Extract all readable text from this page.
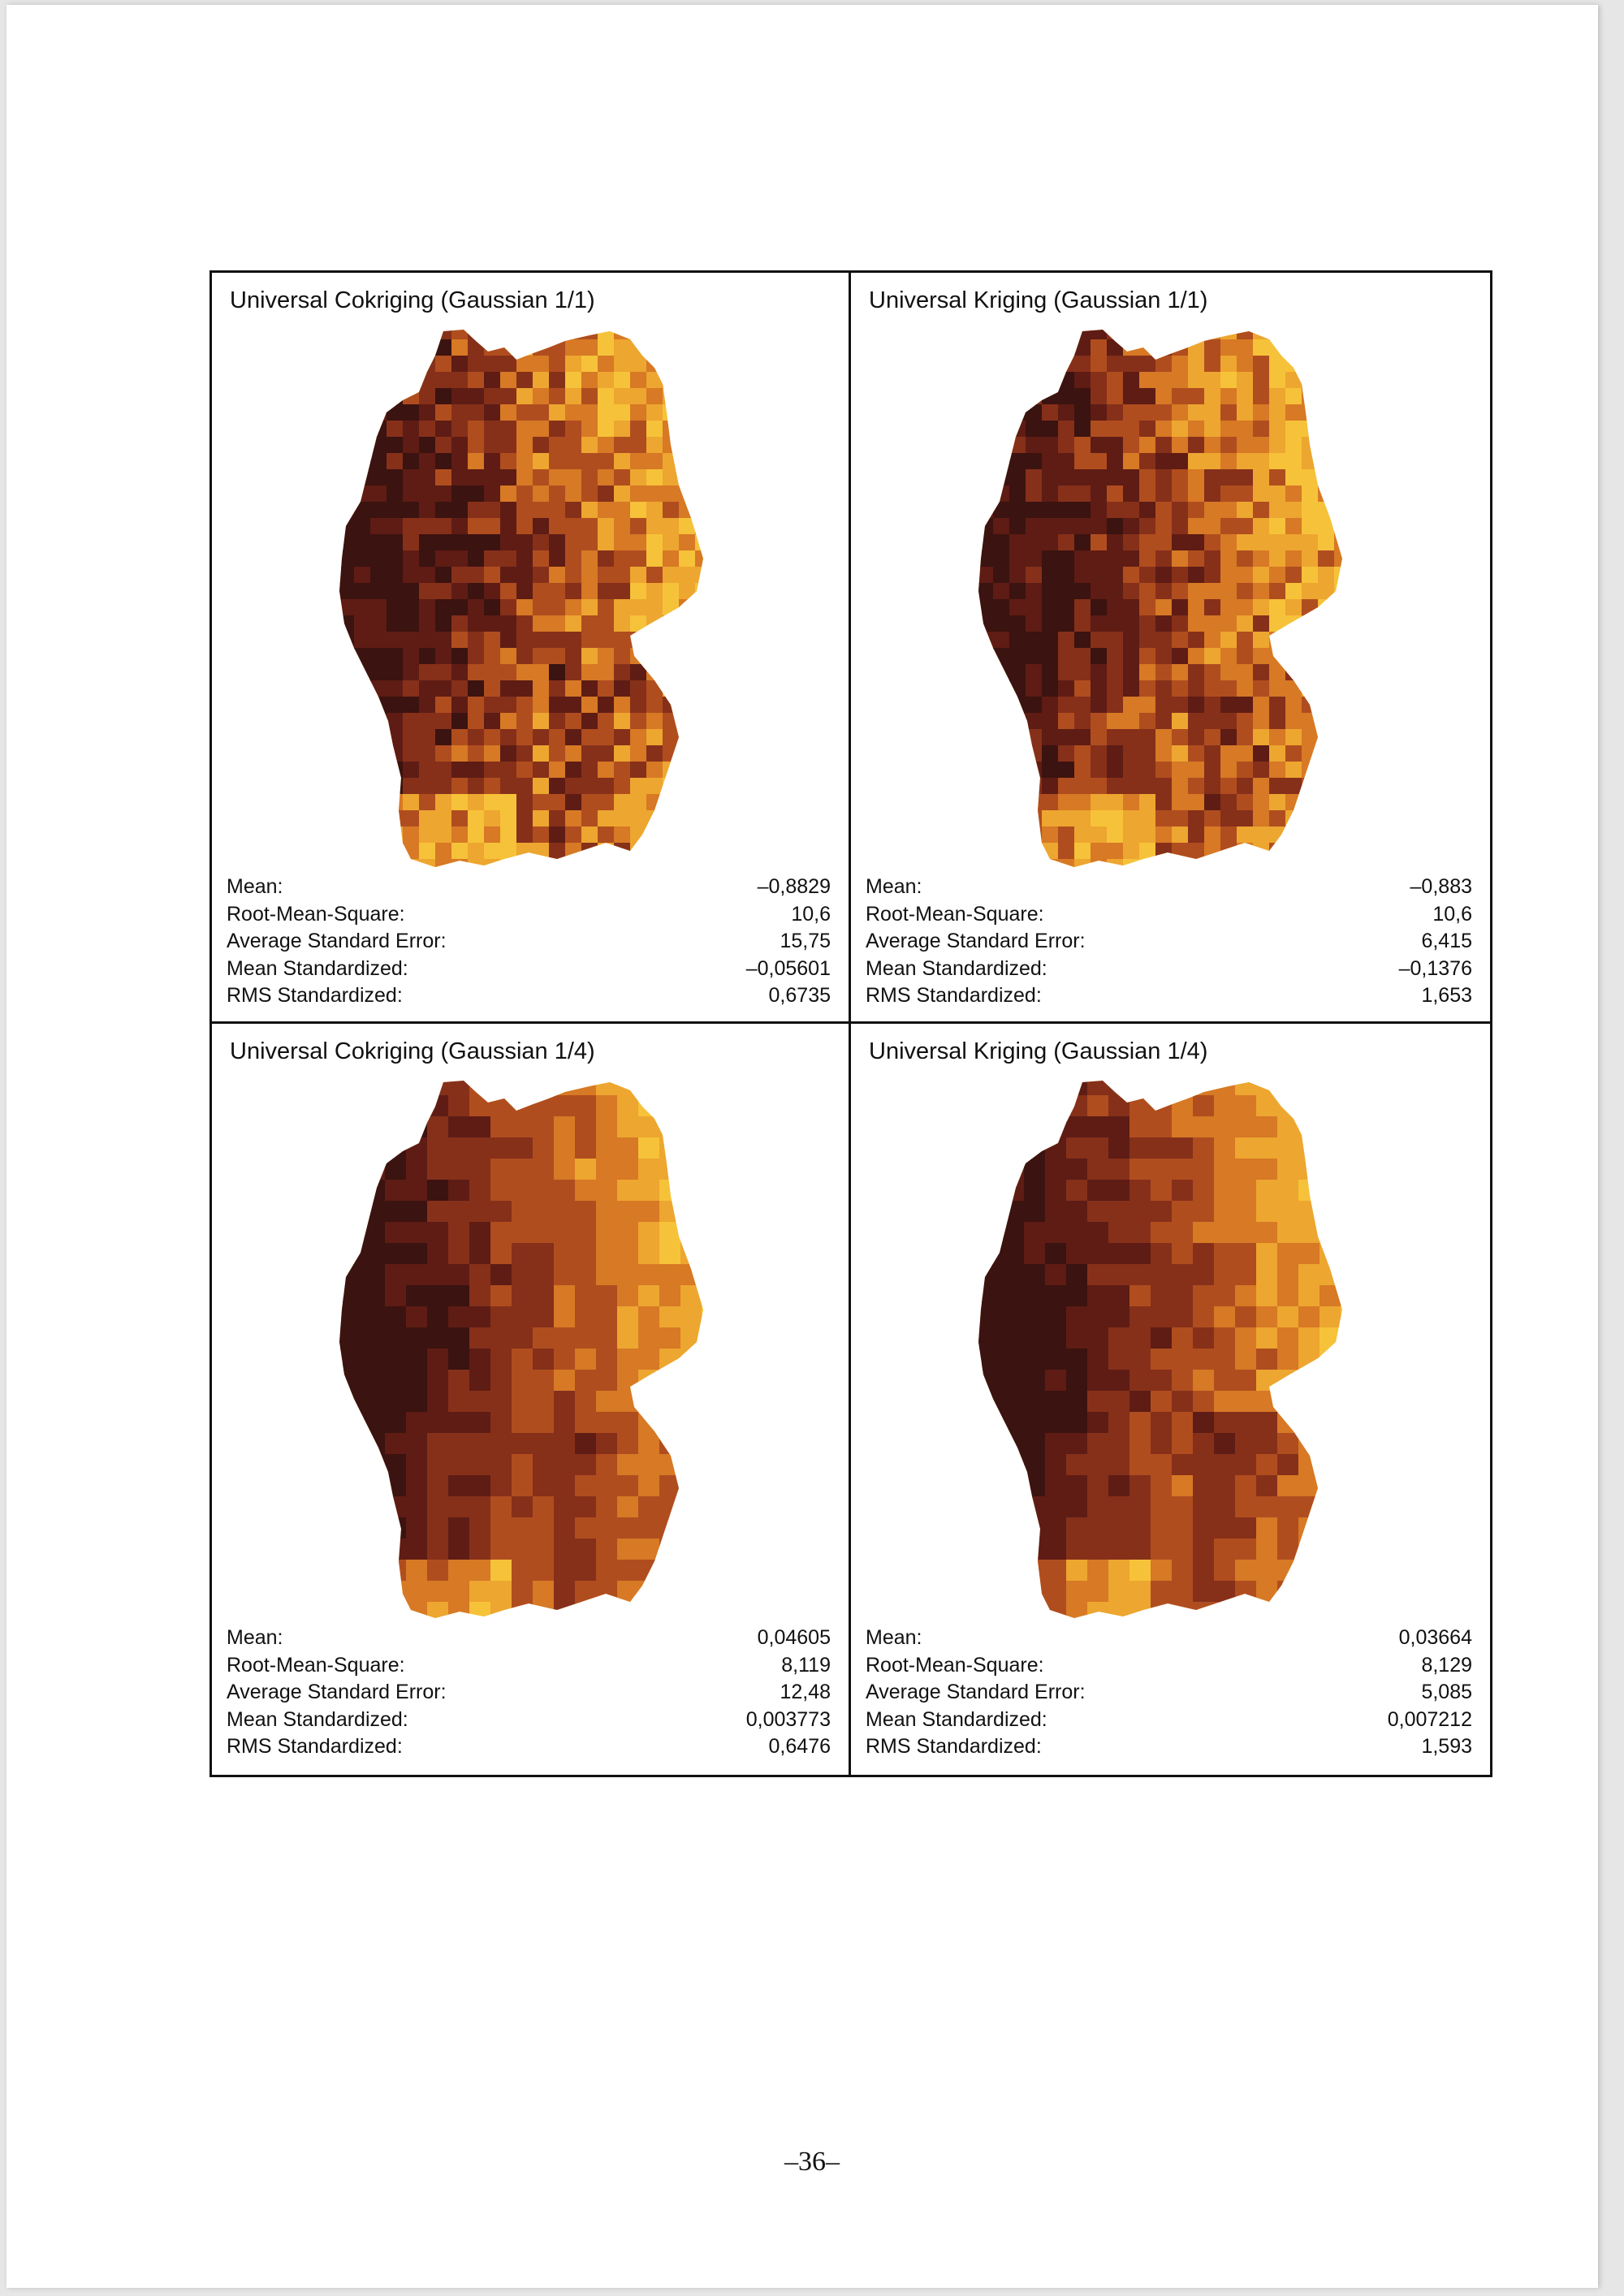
Universal Cokriging (Gaussian 1/1)
Mean:	–0,8829
Root-Mean-Square:	10,6
Average Standard Error:	15,75
Mean Standardized:	–0,05601
RMS Standardized:	0,6735
Universal Kriging (Gaussian 1/1)
Mean:	–0,883
Root-Mean-Square:	10,6
Average Standard Error:	6,415
Mean Standardized:	–0,1376
RMS Standardized:	1,653
Universal Cokriging (Gaussian 1/4)
Mean:	0,04605
Root-Mean-Square:	8,119
Average Standard Error:	12,48
Mean Standardized:	0,003773
RMS Standardized:	0,6476
Universal Kriging (Gaussian 1/4)
Mean:	0,03664
Root-Mean-Square:	8,129
Average Standard Error:	5,085
Mean Standardized:	0,007212
RMS Standardized:	1,593
–36–
